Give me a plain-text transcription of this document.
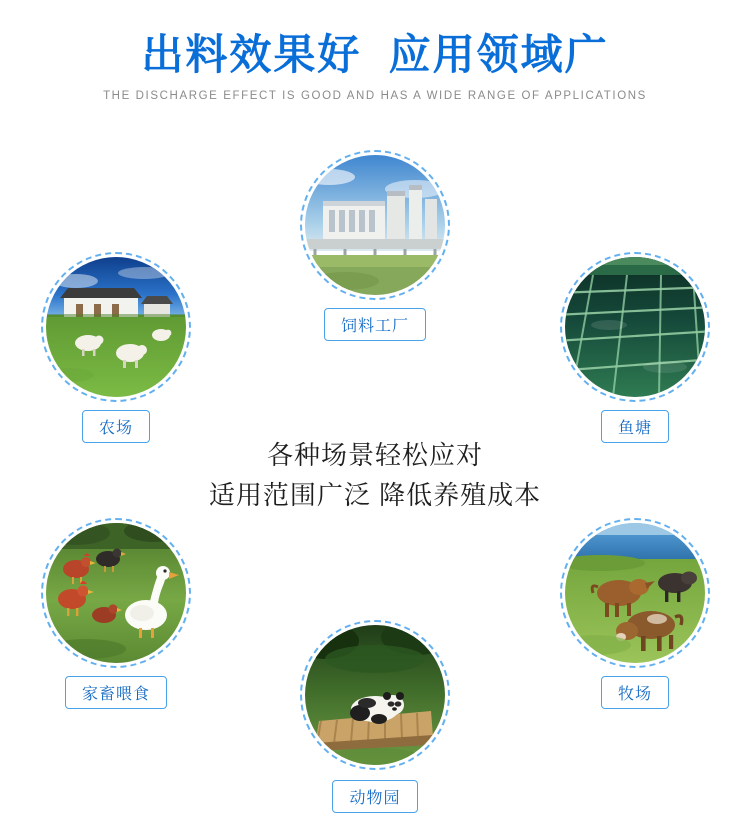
出料效果好  应用领域广
THE DISCHARGE EFFECT IS GOOD AND HAS A WIDE RANGE OF APPLICATIONS
各种场景轻松应对
适用范围广泛 降低养殖成本
农场
饲料工厂
鱼塘
家畜喂食
动物园
牧场
